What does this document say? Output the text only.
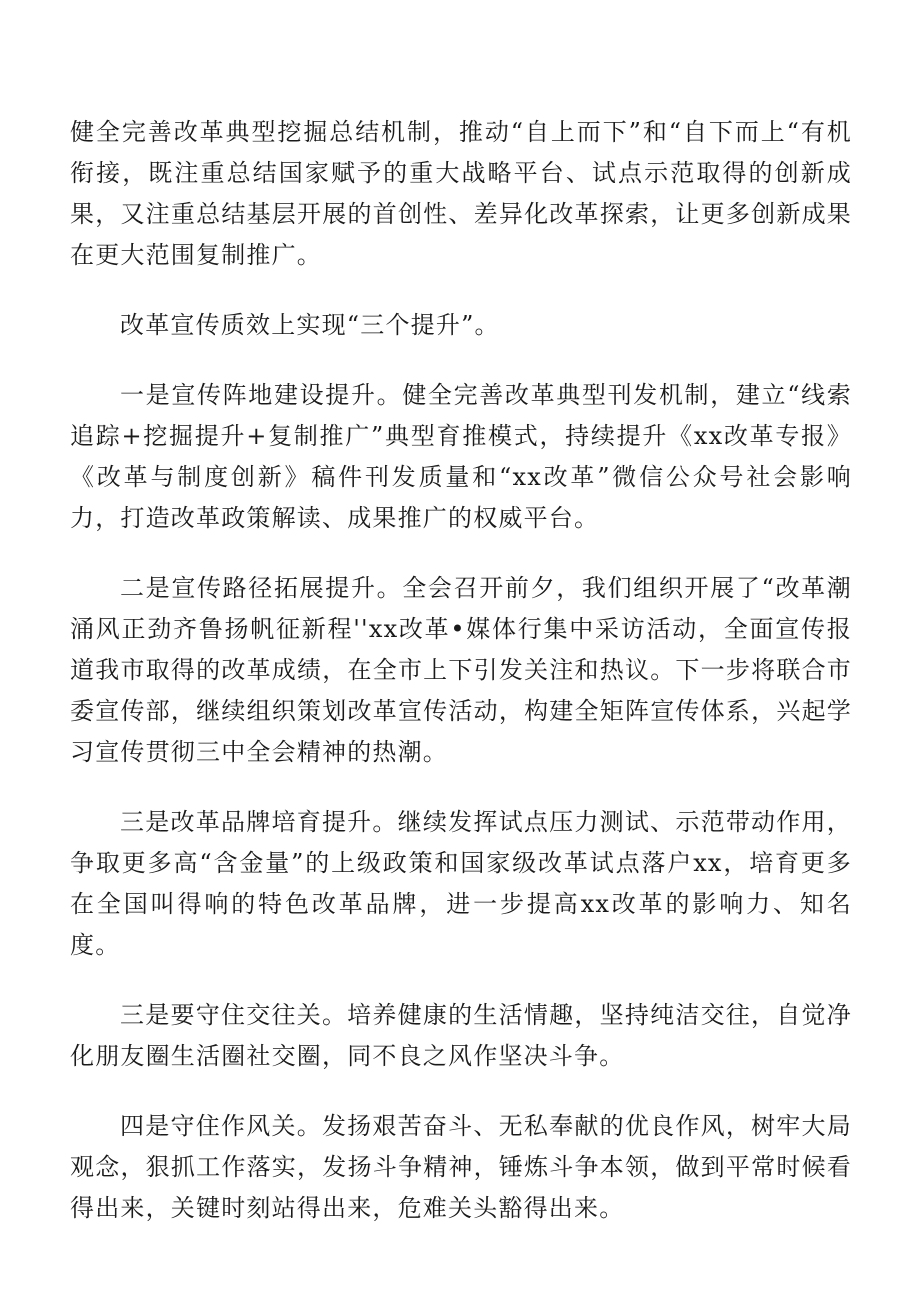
健全完善改革典型挖掘总结机制，推动“自上而下”和“自下而上“有机衔接，既注重总结国家赋予的重大战略平台、试点示范取得的创新成果，又注重总结基层开展的首创性、差异化改革探索，让更多创新成果在更大范围复制推广。

改革宣传质效上实现“三个提升”。

一是宣传阵地建设提升。健全完善改革典型刊发机制，建立“线索追踪+挖掘提升+复制推广”典型育推模式，持续提升《xx改革专报》《改革与制度创新》稿件刊发质量和“xx改革”微信公众号社会影响力，打造改革政策解读、成果推广的权威平台。

二是宣传路径拓展提升。全会召开前夕，我们组织开展了“改革潮涌风正劲齐鲁扬帆征新程''xx改革•媒体行集中采访活动，全面宣传报道我市取得的改革成绩，在全市上下引发关注和热议。下一步将联合市委宣传部，继续组织策划改革宣传活动，构建全矩阵宣传体系，兴起学习宣传贯彻三中全会精神的热潮。

三是改革品牌培育提升。继续发挥试点压力测试、示范带动作用，争取更多高“含金量”的上级政策和国家级改革试点落户xx，培育更多在全国叫得响的特色改革品牌，进一步提高xx改革的影响力、知名度。

三是要守住交往关。培养健康的生活情趣，坚持纯洁交往，自觉净化朋友圈生活圈社交圈，同不良之风作坚决斗争。

四是守住作风关。发扬艰苦奋斗、无私奉献的优良作风，树牢大局观念，狠抓工作落实，发扬斗争精神，锤炼斗争本领，做到平常时候看得出来，关键时刻站得出来，危难关头豁得出来。
